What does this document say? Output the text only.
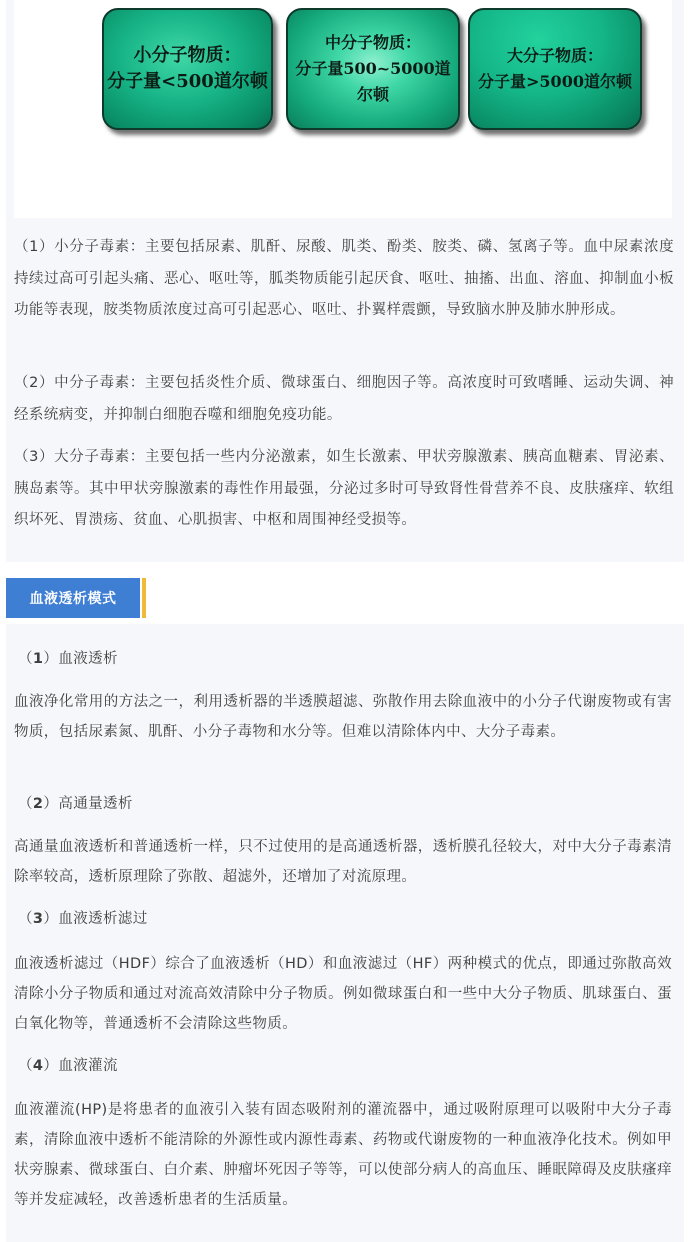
小分子物质：
分子量<500道尔顿
中分子物质：
分子量500~5000道尔顿
大分子物质：
分子量>5000道尔顿

（1）小分子毒素：主要包括尿素、肌酐、尿酸、肌类、酚类、胺类、磷、氢离子等。血中尿素浓度持续过高可引起头痛、恶心、呕吐等，胍类物质能引起厌食、呕吐、抽搐、出血、溶血、抑制血小板功能等表现，胺类物质浓度过高可引起恶心、呕吐、扑翼样震颤，导致脑水肿及肺水肿形成。

（2）中分子毒素：主要包括炎性介质、微球蛋白、细胞因子等。高浓度时可致嗜睡、运动失调、神经系统病变，并抑制白细胞吞噬和细胞免疫功能。

（3）大分子毒素：主要包括一些内分泌激素，如生长激素、甲状旁腺激素、胰高血糖素、胃泌素、胰岛素等。其中甲状旁腺激素的毒性作用最强，分泌过多时可导致肾性骨营养不良、皮肤瘙痒、软组织坏死、胃溃疡、贫血、心肌损害、中枢和周围神经受损等。

血液透析模式

（1）血液透析

血液净化常用的方法之一，利用透析器的半透膜超滤、弥散作用去除血液中的小分子代谢废物或有害物质，包括尿素氮、肌酐、小分子毒物和水分等。但难以清除体内中、大分子毒素。

（2）高通量透析

高通量血液透析和普通透析一样，只不过使用的是高通透析器，透析膜孔径较大，对中大分子毒素清除率较高，透析原理除了弥散、超滤外，还增加了对流原理。

（3）血液透析滤过

血液透析滤过（HDF）综合了血液透析（HD）和血液滤过（HF）两种模式的优点，即通过弥散高效清除小分子物质和通过对流高效清除中分子物质。例如微球蛋白和一些中大分子物质、肌球蛋白、蛋白氧化物等，普通透析不会清除这些物质。

（4）血液灌流

血液灌流(HP)是将患者的血液引入装有固态吸附剂的灌流器中，通过吸附原理可以吸附中大分子毒素，清除血液中透析不能清除的外源性或内源性毒素、药物或代谢废物的一种血液净化技术。例如甲状旁腺素、微球蛋白、白介素、肿瘤坏死因子等等，可以使部分病人的高血压、睡眠障碍及皮肤瘙痒等并发症减轻，改善透析患者的生活质量。
